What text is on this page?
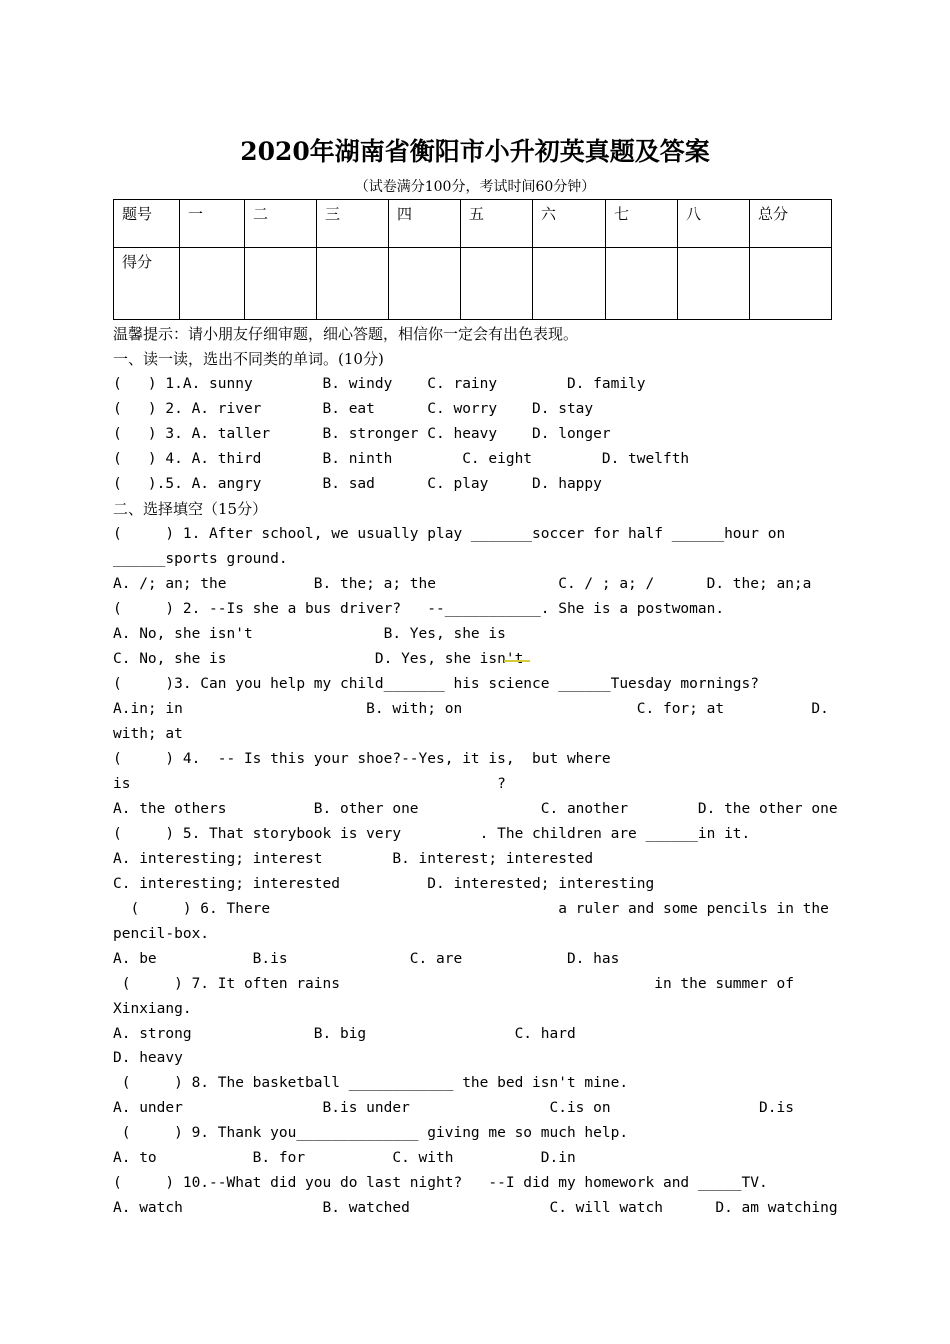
2020年湖南省衡阳市小升初英真题及答案
（试卷满分100分，考试时间60分钟）
题号	一	二	三	四	五	六	七	八	总分
得分									
温馨提示：请小朋友仔细审题，细心答题，相信你一定会有出色表现。
一、读一读，选出不同类的单词。(10分)
(   ) 1.A. sunny        B. windy    C. rainy        D. family
(   ) 2. A. river       B. eat      C. worry    D. stay
(   ) 3. A. taller      B. stronger C. heavy    D. longer
(   ) 4. A. third       B. ninth        C. eight        D. twelfth
(   ).5. A. angry       B. sad      C. play     D. happy
二、选择填空（15分）
(     ) 1. After school, we usually play _______soccer for half ______hour on
______sports ground.
A. /; an; the          B. the; a; the              C. / ; a; /      D. the; an;a
(     ) 2. --Is she a bus driver?   --___________. She is a postwoman.
A. No, she isn't               B. Yes, she is
C. No, she is                 D. Yes, she isn't
(     )3. Can you help my child_______ his science ______Tuesday mornings?
A.in; in                     B. with; on                    C. for; at          D.
with; at
(     ) 4.  -- Is this your shoe?--Yes, it is,  but where
is                                          ?
A. the others          B. other one              C. another        D. the other one
(     ) 5. That storybook is very         . The children are ______in it.
A. interesting; interest        B. interest; interested
C. interesting; interested          D. interested; interesting
(     ) 6. There                                 a ruler and some pencils in the
pencil-box.
A. be           B.is              C. are            D. has
(     ) 7. It often rains                                    in the summer of
Xinxiang.
A. strong              B. big                 C. hard
D. heavy
(     ) 8. The basketball ____________ the bed isn't mine.
A. under                B.is under                C.is on                 D.is
(     ) 9. Thank you______________ giving me so much help.
A. to           B. for          C. with          D.in
(     ) 10.--What did you do last night?   --I did my homework and _____TV.
A. watch                B. watched                C. will watch      D. am watching
